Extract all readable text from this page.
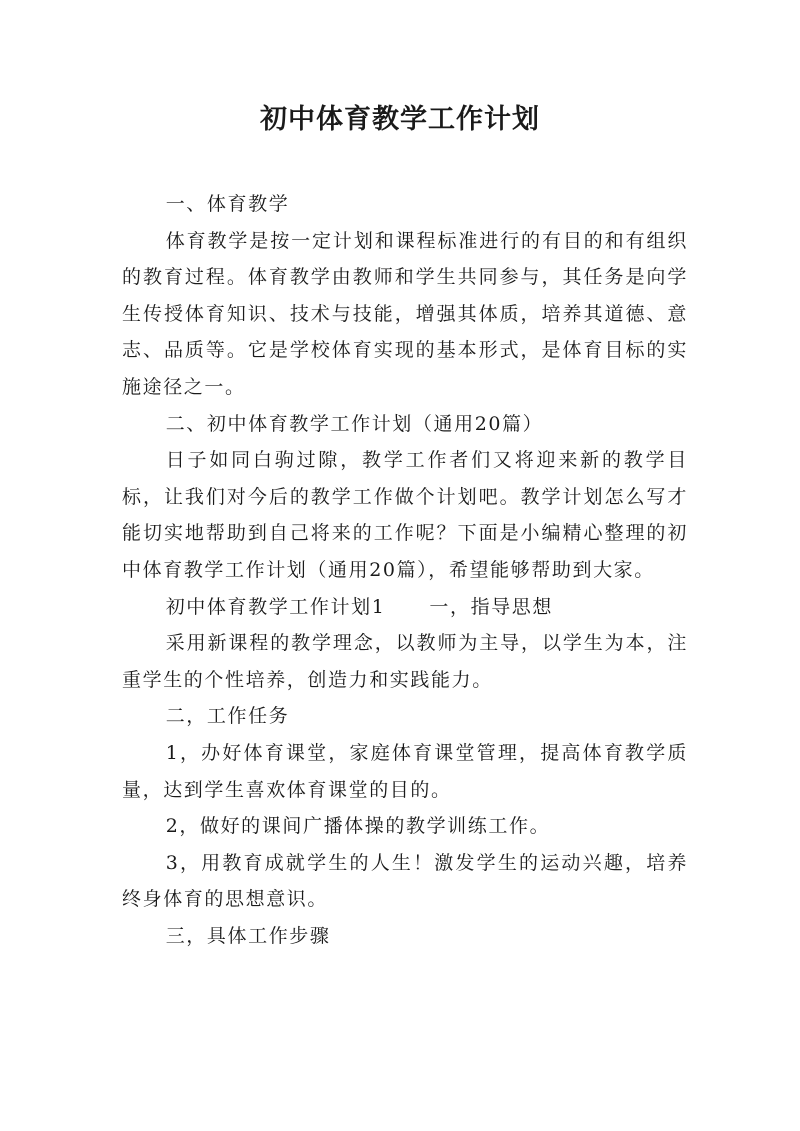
初中体育教学工作计划

一、体育教学

体育教学是按一定计划和课程标准进行的有目的和有组织的教育过程。体育教学由教师和学生共同参与，其任务是向学生传授体育知识、技术与技能，增强其体质，培养其道德、意志、品质等。它是学校体育实现的基本形式，是体育目标的实施途径之一。

二、初中体育教学工作计划（通用20篇）

日子如同白驹过隙，教学工作者们又将迎来新的教学目标，让我们对今后的教学工作做个计划吧。教学计划怎么写才能切实地帮助到自己将来的工作呢？下面是小编精心整理的初中体育教学工作计划（通用20篇），希望能够帮助到大家。

初中体育教学工作计划1 一，指导思想

采用新课程的教学理念，以教师为主导，以学生为本，注重学生的个性培养，创造力和实践能力。

二，工作任务

1，办好体育课堂，家庭体育课堂管理，提高体育教学质量，达到学生喜欢体育课堂的目的。

2，做好的课间广播体操的教学训练工作。

3，用教育成就学生的人生！激发学生的运动兴趣，培养终身体育的思想意识。

三，具体工作步骤
